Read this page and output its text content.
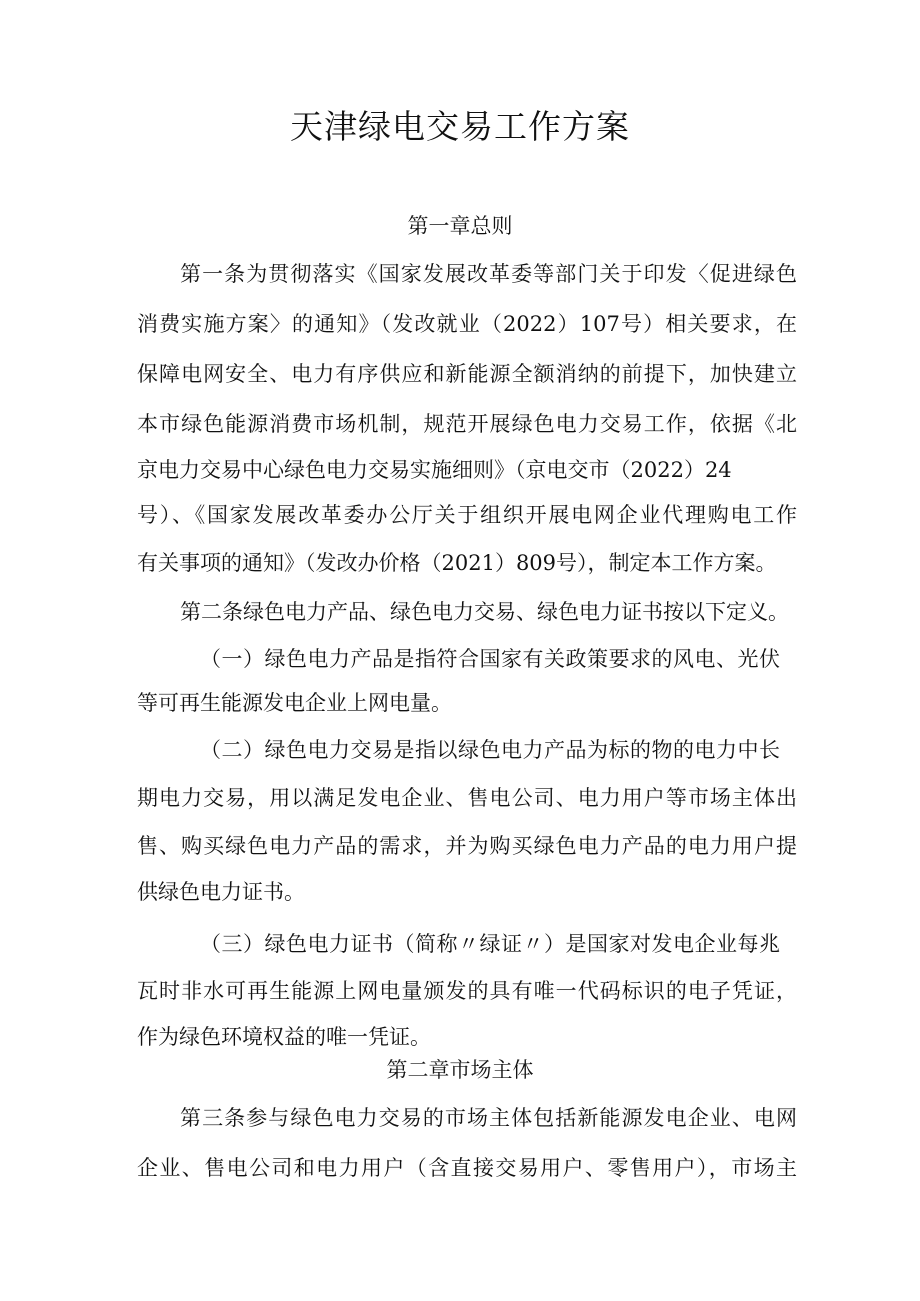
天津绿电交易工作方案
第一章总则
第一条为贯彻落实《国家发展改革委等部门关于印发〈促进绿色
消费实施方案〉的通知》（发改就业（2022）107号）相关要求，在
保障电网安全、电力有序供应和新能源全额消纳的前提下，加快建立
本市绿色能源消费市场机制，规范开展绿色电力交易工作，依据《北
京电力交易中心绿色电力交易实施细则》（京电交市（2022）24
号）、《国家发展改革委办公厅关于组织开展电网企业代理购电工作
有关事项的通知》（发改办价格（2021）809号），制定本工作方案。
第二条绿色电力产品、绿色电力交易、绿色电力证书按以下定义。
（一）绿色电力产品是指符合国家有关政策要求的风电、光伏
等可再生能源发电企业上网电量。
（二）绿色电力交易是指以绿色电力产品为标的物的电力中长
期电力交易，用以满足发电企业、售电公司、电力用户等市场主体出
售、购买绿色电力产品的需求，并为购买绿色电力产品的电力用户提
供绿色电力证书。
（三）绿色电力证书（简称〃绿证〃）是国家对发电企业每兆
瓦时非水可再生能源上网电量颁发的具有唯一代码标识的电子凭证，
作为绿色环境权益的唯一凭证。
第二章市场主体
第三条参与绿色电力交易的市场主体包括新能源发电企业、电网
企业、售电公司和电力用户（含直接交易用户、零售用户），市场主
